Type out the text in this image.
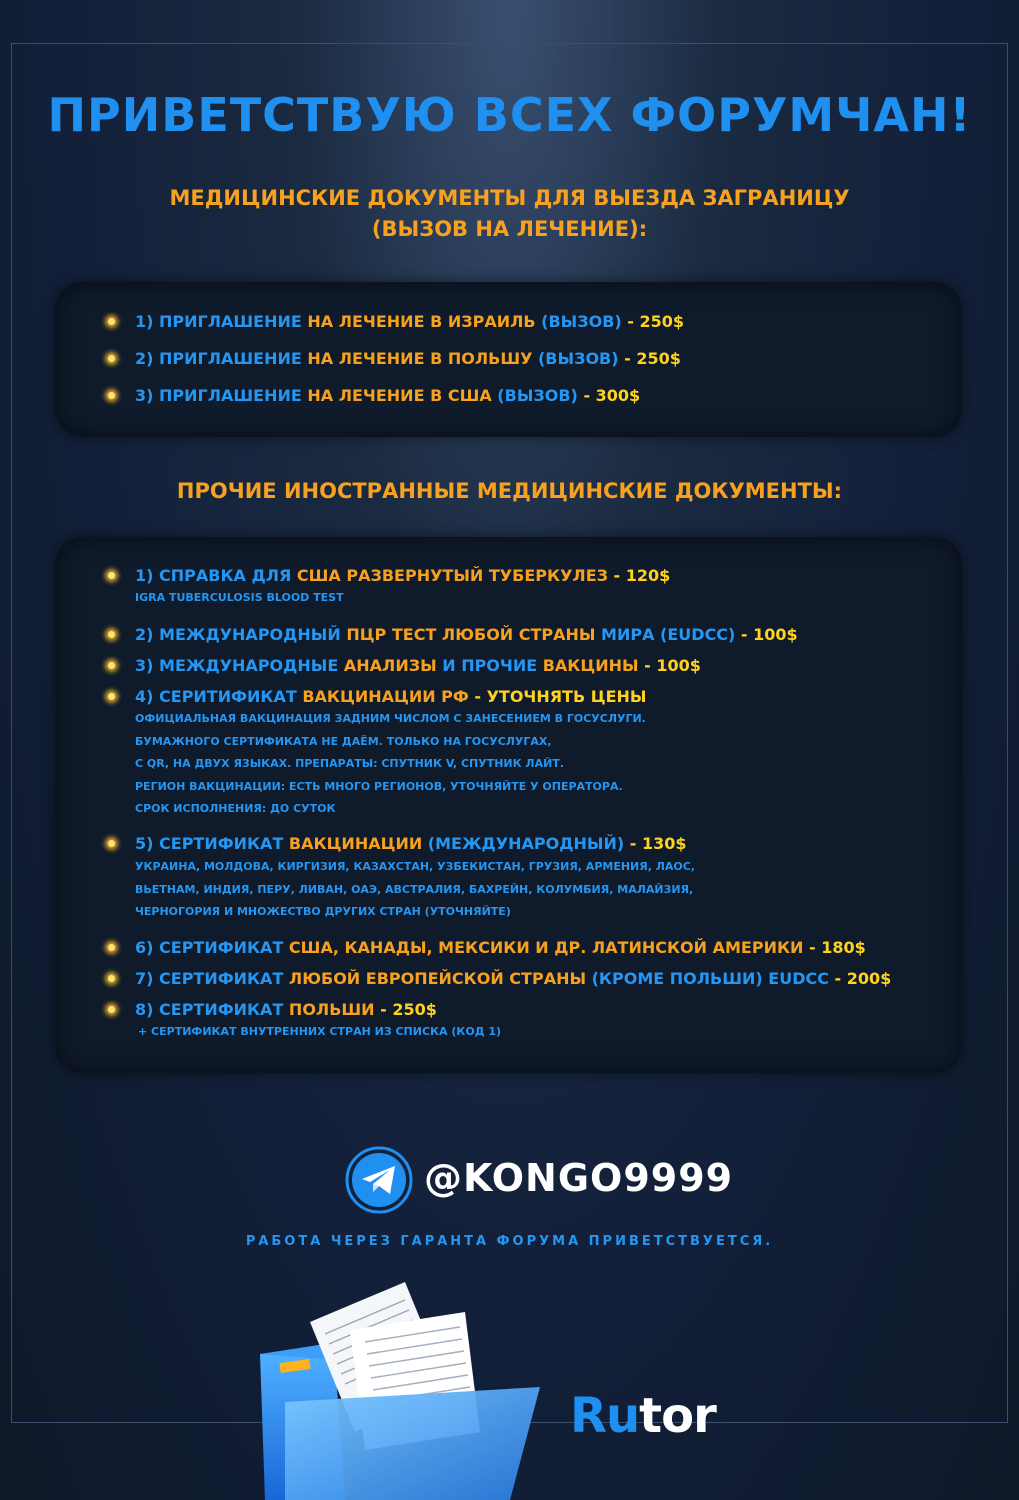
ПРИВЕТСТВУЮ ВСЕХ ФОРУМЧАН!
МЕДИЦИНСКИЕ ДОКУМЕНТЫ ДЛЯ ВЫЕЗДА ЗАГРАНИЦУ
(ВЫЗОВ НА ЛЕЧЕНИЕ):
1) ПРИГЛАШЕНИЕ НА ЛЕЧЕНИЕ В ИЗРАИЛЬ (ВЫЗОВ) - 250$
2) ПРИГЛАШЕНИЕ НА ЛЕЧЕНИЕ В ПОЛЬШУ (ВЫЗОВ) - 250$
3) ПРИГЛАШЕНИЕ НА ЛЕЧЕНИЕ В США (ВЫЗОВ) - 300$
ПРОЧИЕ ИНОСТРАННЫЕ МЕДИЦИНСКИЕ ДОКУМЕНТЫ:
1) СПРАВКА ДЛЯ США РАЗВЕРНУТЫЙ ТУБЕРКУЛЕЗ - 120$
IGRA TUBERCULOSIS BLOOD TEST
2) МЕЖДУНАРОДНЫЙ ПЦР ТЕСТ ЛЮБОЙ СТРАНЫ МИРА (EUDCC) - 100$
3) МЕЖДУНАРОДНЫЕ АНАЛИЗЫ И ПРОЧИЕ ВАКЦИНЫ - 100$
4) СЕРИТИФИКАТ ВАКЦИНАЦИИ РФ - УТОЧНЯТЬ ЦЕНЫ
ОФИЦИАЛЬНАЯ ВАКЦИНАЦИЯ ЗАДНИМ ЧИСЛОМ С ЗАНЕСЕНИЕМ В ГОСУСЛУГИ.
БУМАЖНОГО СЕРТИФИКАТА НЕ ДАЁМ. ТОЛЬКО НА ГОСУСЛУГАХ,
С QR, НА ДВУХ ЯЗЫКАХ. ПРЕПАРАТЫ: СПУТНИК V, СПУТНИК ЛАЙТ.
РЕГИОН ВАКЦИНАЦИИ: ЕСТЬ МНОГО РЕГИОНОВ, УТОЧНЯЙТЕ У ОПЕРАТОРА.
СРОК ИСПОЛНЕНИЯ: ДО СУТОК
5) СЕРТИФИКАТ ВАКЦИНАЦИИ (МЕЖДУНАРОДНЫЙ) - 130$
УКРАИНА, МОЛДОВА, КИРГИЗИЯ, КАЗАХСТАН, УЗБЕКИСТАН, ГРУЗИЯ, АРМЕНИЯ, ЛАОС,
ВЬЕТНАМ, ИНДИЯ, ПЕРУ, ЛИВАН, ОАЭ, АВСТРАЛИЯ, БАХРЕЙН, КОЛУМБИЯ, МАЛАЙЗИЯ,
ЧЕРНОГОРИЯ И МНОЖЕСТВО ДРУГИХ СТРАН (УТОЧНЯЙТЕ)
6) СЕРТИФИКАТ США, КАНАДЫ, МЕКСИКИ И ДР. ЛАТИНСКОЙ АМЕРИКИ - 180$
7) СЕРТИФИКАТ ЛЮБОЙ ЕВРОПЕЙСКОЙ СТРАНЫ (КРОМЕ ПОЛЬШИ) EUDCC - 200$
8) СЕРТИФИКАТ ПОЛЬШИ - 250$
+ СЕРТИФИКАТ ВНУТРЕННИХ СТРАН ИЗ СПИСКА (КОД 1)
@KONGO9999
РАБОТА ЧЕРЕЗ ГАРАНТА ФОРУМА ПРИВЕТСТВУЕТСЯ.
Rutor
